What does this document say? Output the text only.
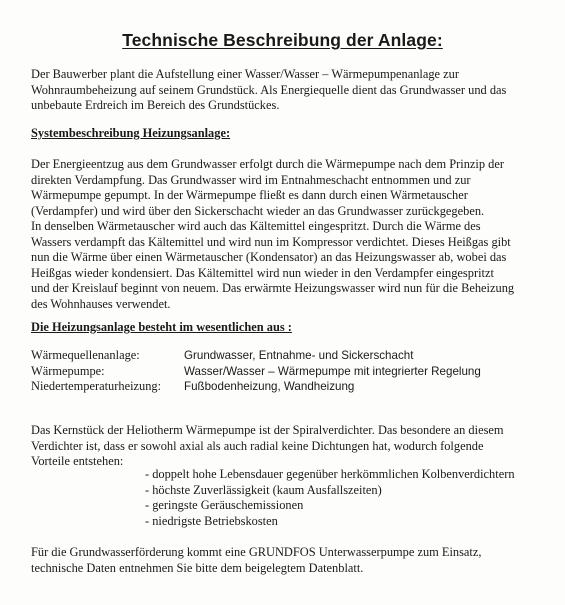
Technische Beschreibung der Anlage:

Der Bauwerber plant die Aufstellung einer Wasser/Wasser – Wärmepumpenanlage zur
Wohnraumbeheizung auf seinem Grundstück. Als Energiequelle dient das Grundwasser und das
unbebaute Erdreich im Bereich des Grundstückes.

Systembeschreibung Heizungsanlage:

Der Energieentzug aus dem Grundwasser erfolgt durch die Wärmepumpe nach dem Prinzip der
direkten Verdampfung. Das Grundwasser wird im Entnahmeschacht entnommen und zur
Wärmepumpe gepumpt. In der Wärmepumpe fließt es dann durch einen Wärmetauscher
(Verdampfer) und wird über den Sickerschacht wieder an das Grundwasser zurückgegeben.
In denselben Wärmetauscher wird auch das Kältemittel eingespritzt. Durch die Wärme des
Wassers verdampft das Kältemittel und wird nun im Kompressor verdichtet. Dieses Heißgas gibt
nun die Wärme über einen Wärmetauscher (Kondensator) an das Heizungswasser ab, wobei das
Heißgas wieder kondensiert. Das Kältemittel wird nun wieder in den Verdampfer eingespritzt
und der Kreislauf beginnt von neuem. Das erwärmte Heizungswasser wird nun für die Beheizung
des Wohnhauses verwendet.

Die Heizungsanlage besteht im wesentlichen aus :
Wärmequellenanlage:	Grundwasser, Entnahme- und Sickerschacht
Wärmepumpe:	Wasser/Wasser – Wärmepumpe mit integrierter Regelung
Niedertemperaturheizung: Fußbodenheizung, Wandheizung

Das Kernstück der Heliotherm Wärmepumpe ist der Spiralverdichter. Das besondere an diesem
Verdichter ist, dass er sowohl axial als auch radial keine Dichtungen hat, wodurch folgende
Vorteile entstehen:

- doppelt hohe Lebensdauer gegenüber herkömmlichen Kolbenverdichtern
- höchste Zuverlässigkeit (kaum Ausfallszeiten)
- geringste Geräuschemissionen
- niedrigste Betriebskosten

Für die Grundwasserförderung kommt eine GRUNDFOS Unterwasserpumpe zum Einsatz,
technische Daten entnehmen Sie bitte dem beigelegtem Datenblatt.
